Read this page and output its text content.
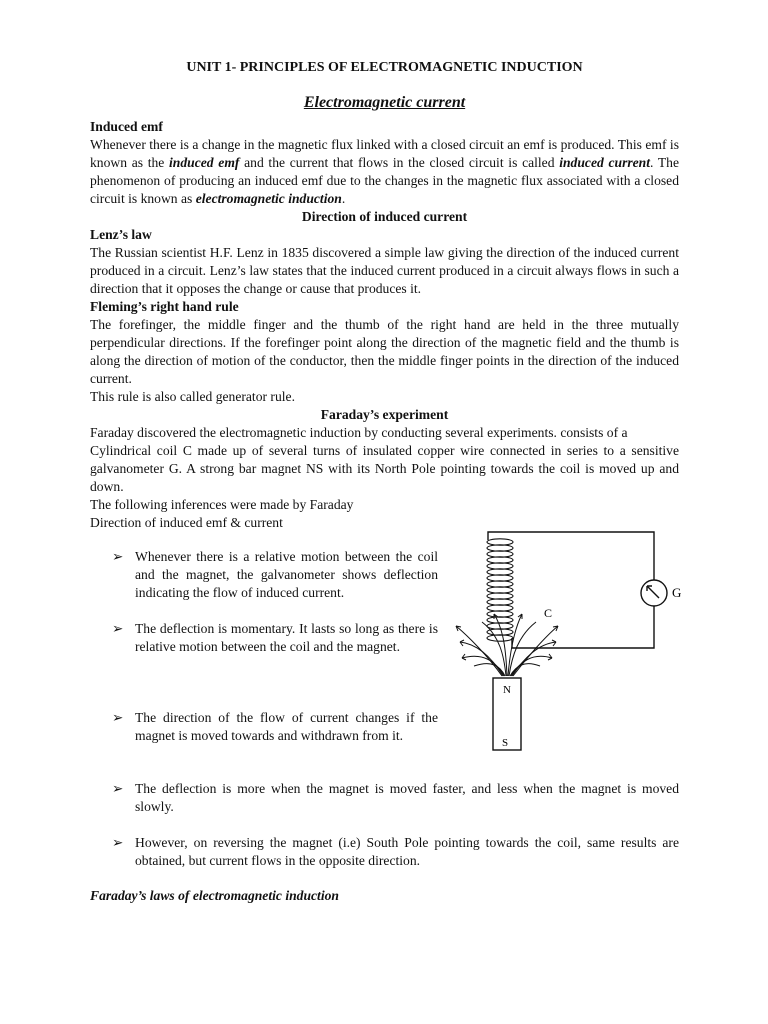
UNIT 1- PRINCIPLES OF ELECTROMAGNETIC INDUCTION
Electromagnetic current
Induced emf
Whenever there is a change in the magnetic flux linked with a closed circuit an emf is produced. This emf is known as the induced emf and the current that flows in the closed circuit is called induced current. The phenomenon of producing an induced emf due to the changes in the magnetic flux associated with a closed circuit is known as electromagnetic induction.
Direction of induced current
Lenz’s law
The Russian scientist H.F. Lenz in 1835 discovered a simple law giving the direction of the induced current produced in a circuit. Lenz’s law states that the induced current produced in a circuit always flows in such a direction that it opposes the change or cause that produces it.
Fleming’s right hand rule
The forefinger, the middle finger and the thumb of the right hand are held in the three mutually perpendicular directions. If the forefinger point along the direction of the magnetic field and the thumb is along the direction of motion of the conductor, then the middle finger points in the direction of the induced current.
This rule is also called generator rule.
Faraday’s experiment
Faraday discovered the electromagnetic induction by conducting several experiments. consists of a
Cylindrical coil C made up of several turns of insulated copper wire connected in series to a sensitive galvanometer G. A strong bar magnet NS with its North Pole pointing towards the coil is moved up and down.
The following inferences were made by Faraday
Direction of induced emf & current
➢ Whenever there is a relative motion between the coil and the magnet, the galvanometer shows deflection indicating the flow of induced current.
➢ The deflection is momentary. It lasts so long as there is relative motion between the coil and the magnet.
➢ The direction of the flow of current changes if the magnet is moved towards and withdrawn from it.
➢ The deflection is more when the magnet is moved faster, and less when the magnet is moved slowly.
➢ However, on reversing the magnet (i.e) South Pole pointing towards the coil, same results are obtained, but current flows in the opposite direction.
G
C
N
S
Faraday’s laws of electromagnetic induction
